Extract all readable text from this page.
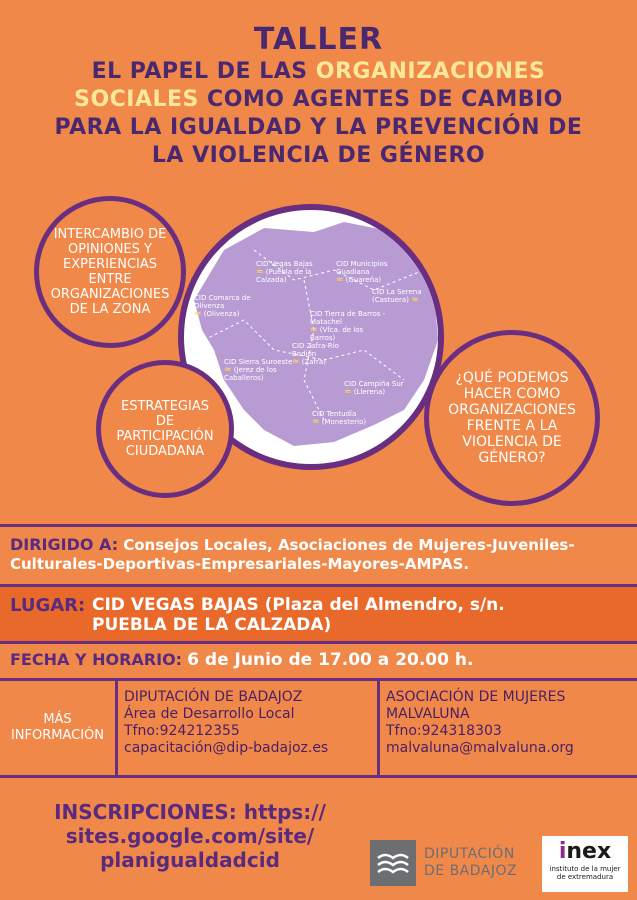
TALLER
EL PAPEL DE LAS ORGANIZACIONES
SOCIALES COMO AGENTES DE CAMBIO
PARA LA IGUALDAD Y LA PREVENCIÓN DE
LA VIOLENCIA DE GÉNERO
INTERCAMBIO DE OPINIONES Y EXPERIENCIAS ENTRE ORGANIZACIONES DE LA ZONA
ESTRATEGIAS DE PARTICIPACIÓN CIUDADANA
¿QUÉ PODEMOS HACER COMO ORGANIZACIONES FRENTE A LA VIOLENCIA DE GÉNERO?
CID Vegas Bajas
≈ (Puebla de la Calzada)
CID Municipios Guadiana
≈ (Guareña)
CID La Serena
(Castuera) ≈
CID Comarca de Olivenza
≈ (Olivenza)	CID Tierra de Barros -Matachel
≈ (Vfca. de los Barros)
CID Zafra-Río Bodión
≈ (Zafra)
CID Sierra Suroeste
≈ (Jerez de los Caballeros)
CID Campiña Sur
≈ (Llerena)
CID Tentudía
≈ (Monesterio)
DIRIGIDO A: Consejos Locales, Asociaciones de Mujeres-Juveniles-Culturales-Deportivas-Empresariales-Mayores-AMPAS.
LUGAR: CID VEGAS BAJAS (Plaza del Almendro, s/n.
PUEBLA DE LA CALZADA)
FECHA Y HORARIO: 6 de Junio de 17.00 a 20.00 h.
MÁS INFORMACIÓN
DIPUTACIÓN DE BADAJOZ
Área de Desarrollo Local
Tfno:924212355
capacitación@dip-badajoz.es
ASOCIACIÓN DE MUJERES MALVALUNA
Tfno:924318303
malvaluna@malvaluna.org
INSCRIPCIONES: https://
sites.google.com/site/
planigualdadcid	DIPUTACIÓN
DE BADAJOZ
inex
instituto de la mujer
de extremadura
